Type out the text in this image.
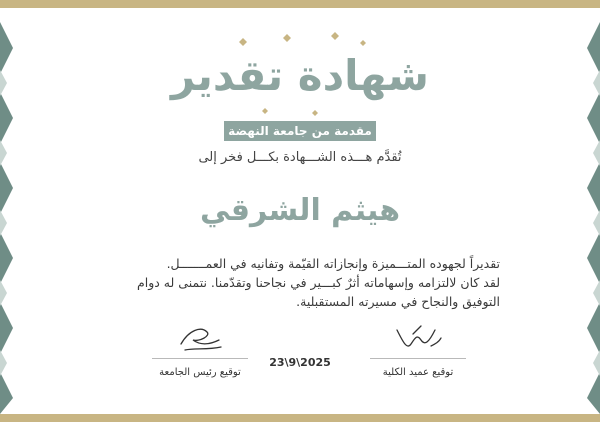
شهادة تقدير
مقدمة من جامعة النهضة
تُقدَّم هـــذه الشـــهادة بكـــل فخر إلى
هيثم الشرقي

تقديراً لجهوده المتـــميزة وإنجازاته القيّمة وتفانيه في العمـــــــل.

لقد كان لالتزامه وإسهاماته أثرٌ كبـــير في نجاحنا وتقدّمنا. نتمنى له دوام

التوفيق والنجاح في مسيرته المستقبلية.

توقيع رئيس الجامعة
23\9\2025
توقيع عميد الكلية
